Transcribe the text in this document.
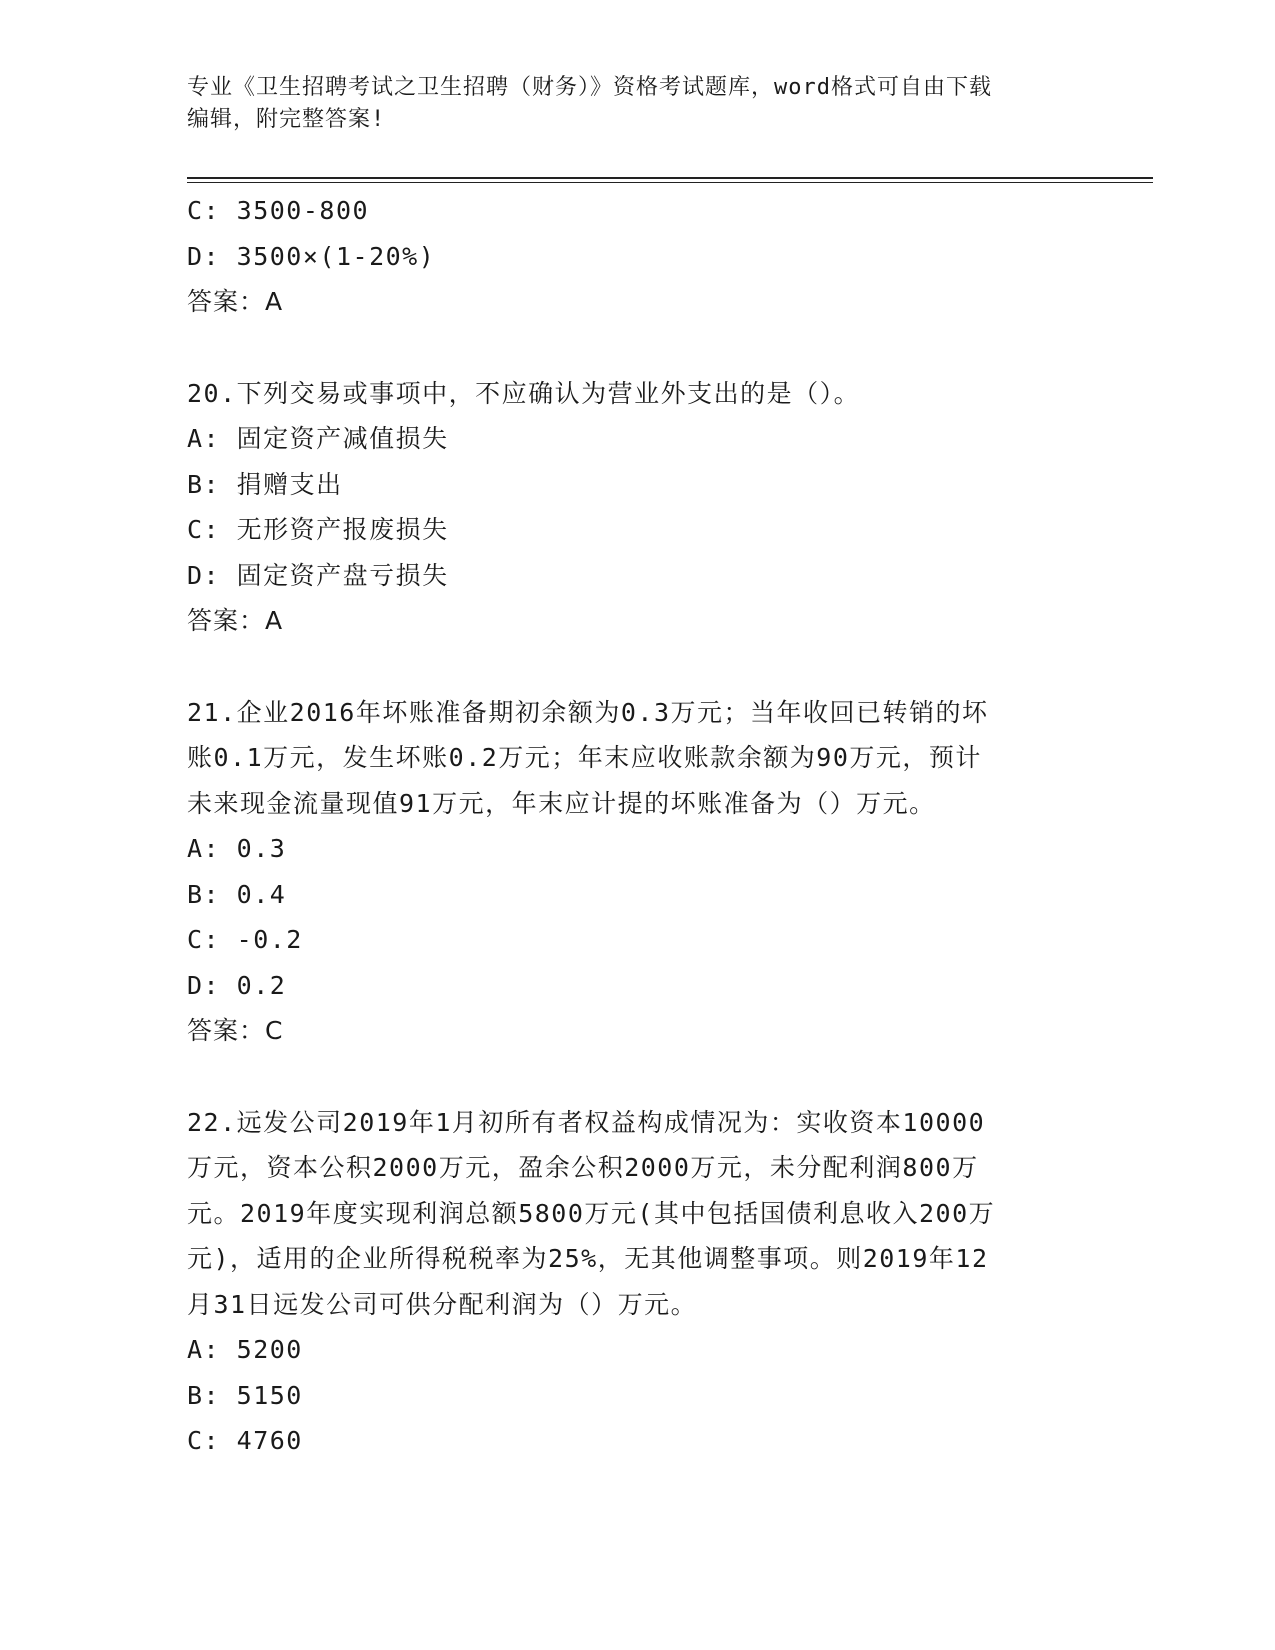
专业《卫生招聘考试之卫生招聘（财务）》资格考试题库，word格式可自由下载
编辑，附完整答案!
C: 3500-800
D: 3500×(1-20%)
答案：A
20.下列交易或事项中，不应确认为营业外支出的是（）。
A: 固定资产减值损失
B: 捐赠支出
C: 无形资产报废损失
D: 固定资产盘亏损失
答案：A
21.企业2016年坏账准备期初余额为0.3万元；当年收回已转销的坏
账0.1万元，发生坏账0.2万元；年末应收账款余额为90万元，预计
未来现金流量现值91万元，年末应计提的坏账准备为（）万元。
A: 0.3
B: 0.4
C: -0.2
D: 0.2
答案：C
22.远发公司2019年1月初所有者权益构成情况为：实收资本10000
万元，资本公积2000万元，盈余公积2000万元，未分配利润800万
元。2019年度实现利润总额5800万元(其中包括国债利息收入200万
元)，适用的企业所得税税率为25%，无其他调整事项。则2019年12
月31日远发公司可供分配利润为（）万元。
A: 5200
B: 5150
C: 4760
